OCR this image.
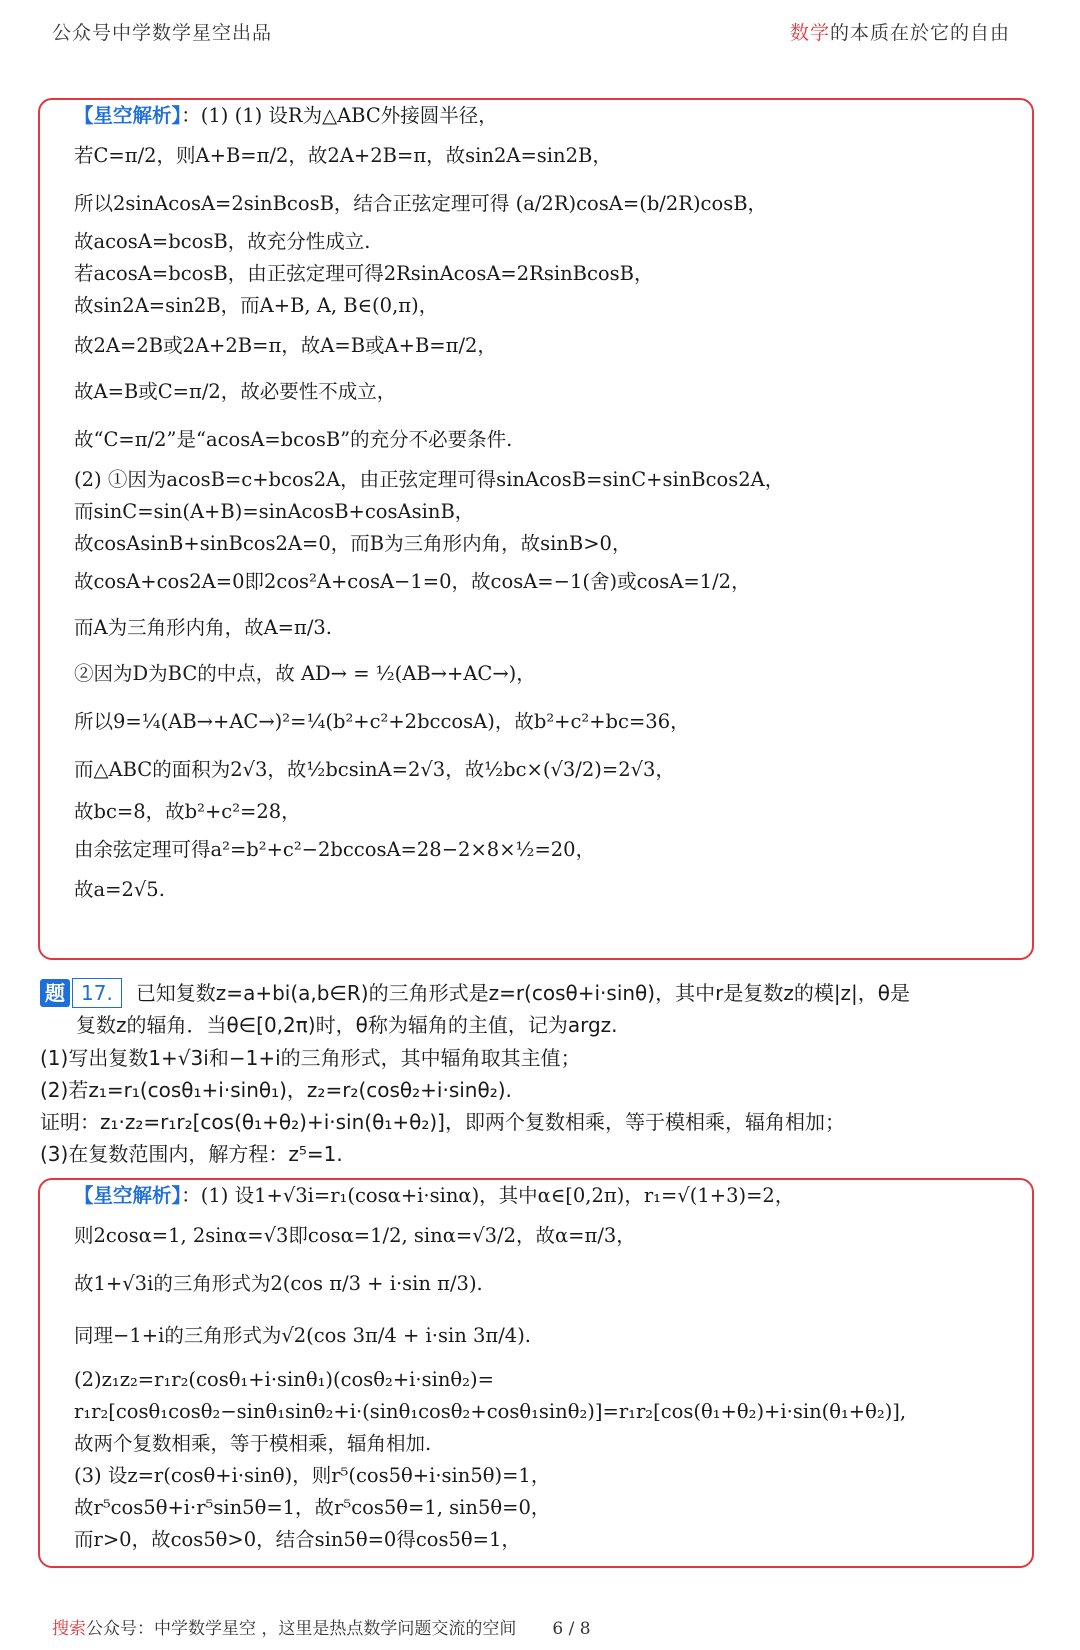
公众号中学数学星空出品	数学的本质在於它的自由
【星空解析】：(1) (1) 设R为△ABC外接圆半径，
若C=π/2，则A+B=π/2，故2A+2B=π，故sin2A=sin2B，
所以2sinAcosA=2sinBcosB，结合正弦定理可得 (a/2R)cosA=(b/2R)cosB，
故acosA=bcosB，故充分性成立.
若acosA=bcosB，由正弦定理可得2RsinAcosA=2RsinBcosB，
故sin2A=sin2B，而A+B, A, B∈(0,π)，
故2A=2B或2A+2B=π，故A=B或A+B=π/2，
故A=B或C=π/2，故必要性不成立，
故“C=π/2”是“acosA=bcosB”的充分不必要条件.
(2) ①因为acosB=c+bcos2A，由正弦定理可得sinAcosB=sinC+sinBcos2A，
而sinC=sin(A+B)=sinAcosB+cosAsinB，
故cosAsinB+sinBcos2A=0，而B为三角形内角，故sinB>0，
故cosA+cos2A=0即2cos²A+cosA−1=0，故cosA=−1(舍)或cosA=1/2，
而A为三角形内角，故A=π/3.
②因为D为BC的中点，故 AD→ = ½(AB→+AC→)，
所以9=¼(AB→+AC→)²=¼(b²+c²+2bccosA)，故b²+c²+bc=36，
而△ABC的面积为2√3，故½bcsinA=2√3，故½bc×(√3/2)=2√3，
故bc=8，故b²+c²=28，
由余弦定理可得a²=b²+c²−2bccosA=28−2×8×½=20，
故a=2√5.
题 17. 已知复数z=a+bi(a,b∈R)的三角形式是z=r(cosθ+i·sinθ)，其中r是复数z的模|z|，θ是
复数z的辐角．当θ∈[0,2π)时，θ称为辐角的主值，记为argz.
(1)写出复数1+√3i和−1+i的三角形式，其中辐角取其主值；
(2)若z₁=r₁(cosθ₁+i·sinθ₁)，z₂=r₂(cosθ₂+i·sinθ₂).
证明：z₁·z₂=r₁r₂[cos(θ₁+θ₂)+i·sin(θ₁+θ₂)]，即两个复数相乘，等于模相乘，辐角相加；
(3)在复数范围内，解方程：z⁵=1.
【星空解析】：(1) 设1+√3i=r₁(cosα+i·sinα)，其中α∈[0,2π)，r₁=√(1+3)=2，
则2cosα=1, 2sinα=√3即cosα=1/2, sinα=√3/2，故α=π/3，
故1+√3i的三角形式为2(cos π/3 + i·sin π/3).
同理−1+i的三角形式为√2(cos 3π/4 + i·sin 3π/4).
(2)z₁z₂=r₁r₂(cosθ₁+i·sinθ₁)(cosθ₂+i·sinθ₂)=
r₁r₂[cosθ₁cosθ₂−sinθ₁sinθ₂+i·(sinθ₁cosθ₂+cosθ₁sinθ₂)]=r₁r₂[cos(θ₁+θ₂)+i·sin(θ₁+θ₂)],
故两个复数相乘，等于模相乘，辐角相加.
(3) 设z=r(cosθ+i·sinθ)，则r⁵(cos5θ+i·sin5θ)=1，
故r⁵cos5θ+i·r⁵sin5θ=1，故r⁵cos5θ=1, sin5θ=0，
而r>0，故cos5θ>0，结合sin5θ=0得cos5θ=1，
搜索公众号：中学数学星空 ，这里是热点数学问题交流的空间 6 / 8
